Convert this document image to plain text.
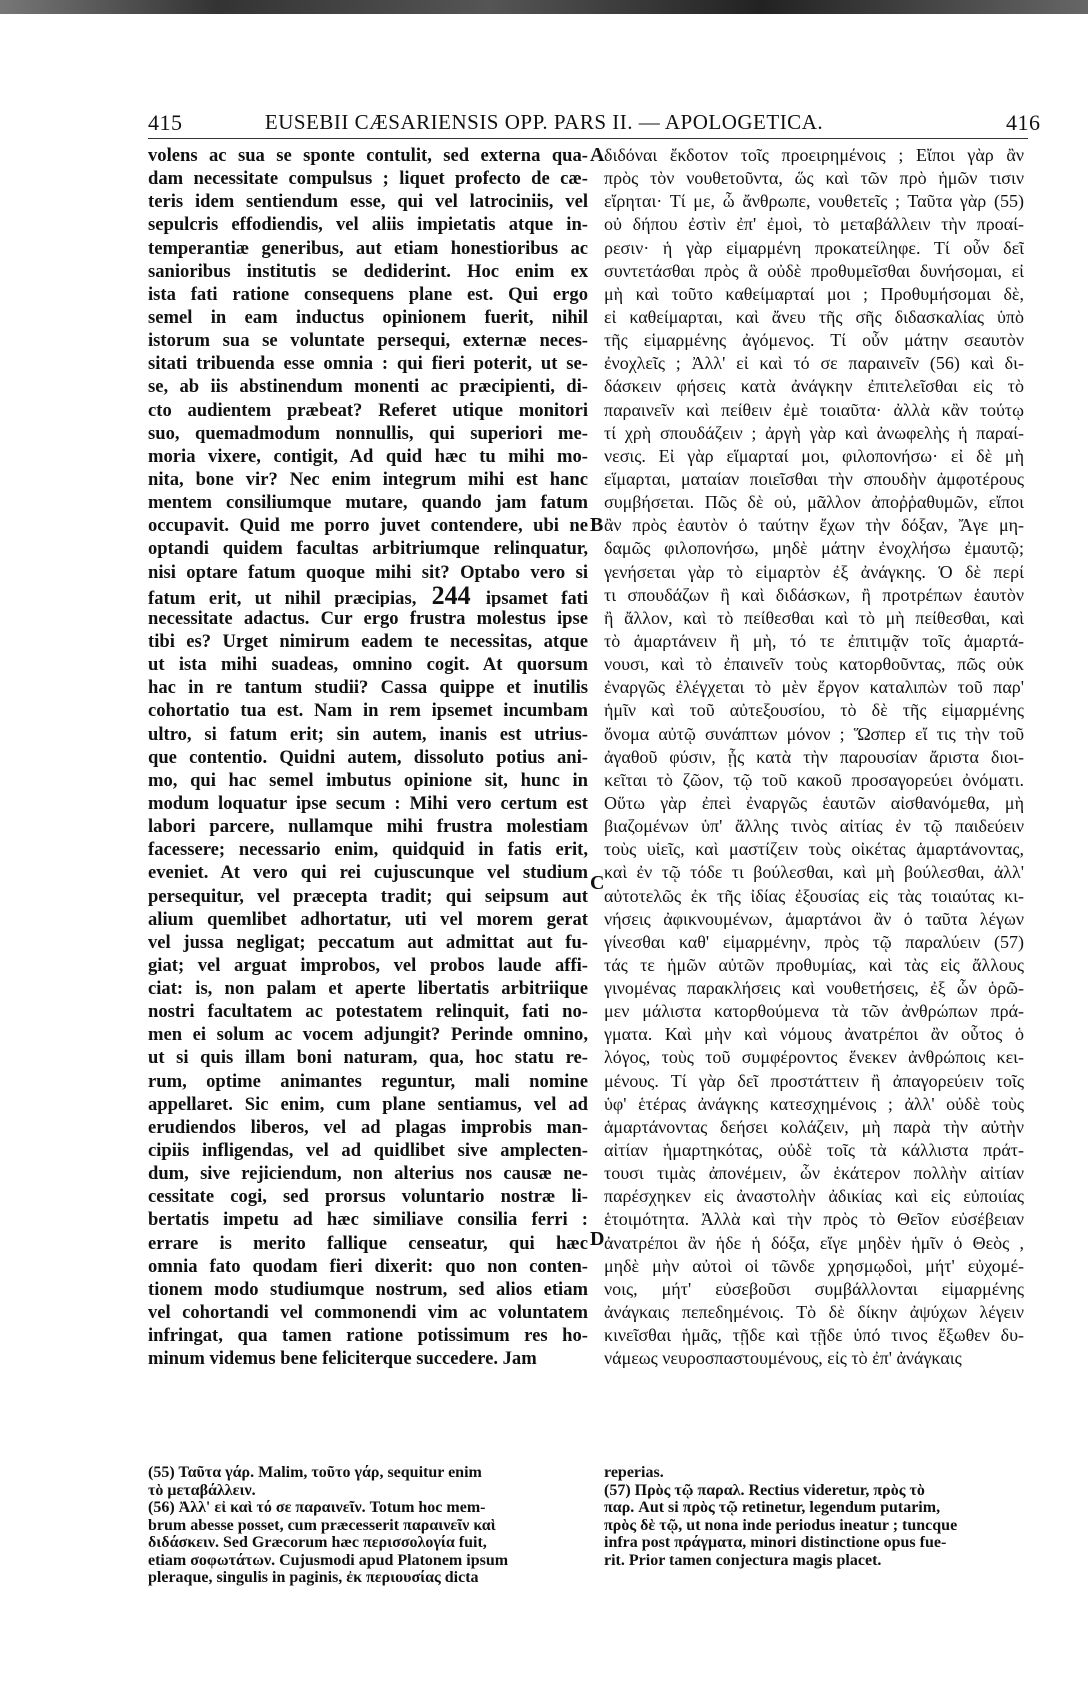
415	EUSEBII CÆSARIENSIS OPP. PARS II. — APOLOGETICA.	416
volens ac sua se sponte contulit, sed externa qua-
dam necessitate compulsus ; liquet profecto de cæ-
teris idem sentiendum esse, qui vel latrociniis, vel
sepulcris effodiendis, vel aliis impietatis atque in-
temperantiæ generibus, aut etiam honestioribus ac
sanioribus institutis se dediderint. Hoc enim ex
ista fati ratione consequens plane est. Qui ergo
semel in eam inductus opinionem fuerit, nihil
istorum sua se voluntate persequi, externæ neces-
sitati tribuenda esse omnia : qui fieri poterit, ut se-
se, ab iis abstinendum monenti ac præcipienti, di-
cto audientem præbeat? Referet utique monitori
suo, quemadmodum nonnullis, qui superiori me-
moria vixere, contigit, Ad quid hæc tu mihi mo-
nita, bone vir? Nec enim integrum mihi est hanc
mentem consiliumque mutare, quando jam fatum
occupavit. Quid me porro juvet contendere, ubi ne
optandi quidem facultas arbitriumque relinquatur,
nisi optare fatum quoque mihi sit? Optabo vero si
fatum erit, ut nihil præcipias, 244 ipsamet fati
necessitate adactus. Cur ergo frustra molestus ipse
tibi es? Urget nimirum eadem te necessitas, atque
ut ista mihi suadeas, omnino cogit. At quorsum
hac in re tantum studii? Cassa quippe et inutilis
cohortatio tua est. Nam in rem ipsemet incumbam
ultro, si fatum erit; sin autem, inanis est utrius-
que contentio. Quidni autem, dissoluto potius ani-
mo, qui hac semel imbutus opinione sit, hunc in
modum loquatur ipse secum : Mihi vero certum est
labori parcere, nullamque mihi frustra molestiam
facessere; necessario enim, quidquid in fatis erit,
eveniet. At vero qui rei cujuscunque vel studium
persequitur, vel præcepta tradit; qui seipsum aut
alium quemlibet adhortatur, uti vel morem gerat
vel jussa negligat; peccatum aut admittat aut fu-
giat; vel arguat improbos, vel probos laude affi-
ciat: is, non palam et aperte libertatis arbitriique
nostri facultatem ac potestatem relinquit, fati no-
men ei solum ac vocem adjungit? Perinde omnino,
ut si quis illam boni naturam, qua, hoc statu re-
rum, optime animantes reguntur, mali nomine
appellaret. Sic enim, cum plane sentiamus, vel ad
erudiendos liberos, vel ad plagas improbis man-
cipiis infligendas, vel ad quidlibet sive amplecten-
dum, sive rejiciendum, non alterius nos causæ ne-
cessitate cogi, sed prorsus voluntario nostræ li-
bertatis impetu ad hæc similiave consilia ferri :
errare is merito fallique censeatur, qui hæc
omnia fato quodam fieri dixerit: quo non conten-
tionem modo studiumque nostrum, sed alios etiam
vel cohortandi vel commonendi vim ac voluntatem
infringat, qua tamen ratione potissimum res ho-
minum videmus bene feliciterque succedere. Jam
διδόναι ἔκδοτον τοῖς προειρημένοις ; Εἴποι γὰρ ἂν
πρὸς τὸν νουθετοῦντα, ὥς καὶ τῶν πρὸ ἡμῶν τισιν
εἴρηται· Τί με, ὦ ἄνθρωπε, νουθετεῖς ; Ταῦτα γὰρ (55)
οὐ δήπου ἐστὶν ἐπ' ἐμοὶ, τὸ μεταβάλλειν τὴν προαί-
ρεσιν· ἡ γὰρ εἱμαρμένη προκατείληφε. Τί οὖν δεῖ
συντετάσθαι πρὸς ἃ οὐδὲ προθυμεῖσθαι δυνήσομαι, εἰ
μὴ καὶ τοῦτο καθείμαρταί μοι ; Προθυμήσομαι δὲ,
εἰ καθείμαρται, καὶ ἄνευ τῆς σῆς διδασκαλίας ὑπὸ
τῆς εἱμαρμένης ἀγόμενος. Τί οὖν μάτην σεαυτὸν
ἐνοχλεῖς ; Ἀλλ' εἰ καὶ τό σε παραινεῖν (56) καὶ δι-
δάσκειν φήσεις κατὰ ἀνάγκην ἐπιτελεῖσθαι εἰς τὸ
παραινεῖν καὶ πείθειν ἐμὲ τοιαῦτα· ἀλλὰ κἂν τούτῳ
τί χρὴ σπουδάζειν ; ἀργὴ γὰρ καὶ ἀνωφελὴς ἡ παραί-
νεσις. Εἰ γὰρ εἵμαρταί μοι, φιλοπονήσω· εἰ δὲ μὴ
εἵμαρται, ματαίαν ποιεῖσθαι τὴν σπουδὴν ἀμφοτέρους
συμβήσεται. Πῶς δὲ οὐ, μᾶλλον ἀποῤῥαθυμῶν, εἴποι
ἂν πρὸς ἑαυτὸν ὁ ταύτην ἔχων τὴν δόξαν, Ἄγε μη-
δαμῶς φιλοπονήσω, μηδὲ μάτην ἐνοχλήσω ἐμαυτῷ;
γενήσεται γὰρ τὸ εἱμαρτὸν ἐξ ἀνάγκης. Ὁ δὲ περί
τι σπουδάζων ἢ καὶ διδάσκων, ἢ προτρέπων ἑαυτὸν
ἢ ἄλλον, καὶ τὸ πείθεσθαι καὶ τὸ μὴ πείθεσθαι, καὶ
τὸ ἁμαρτάνειν ἢ μὴ, τό τε ἐπιτιμᾷν τοῖς ἁμαρτά-
νουσι, καὶ τὸ ἐπαινεῖν τοὺς κατορθοῦντας, πῶς οὐκ
ἐναργῶς ἐλέγχεται τὸ μὲν ἔργον καταλιπὼν τοῦ παρ'
ἡμῖν καὶ τοῦ αὐτεξουσίου, τὸ δὲ τῆς εἱμαρμένης
ὄνομα αὐτῷ συνάπτων μόνον ; Ὥσπερ εἴ τις τὴν τοῦ
ἀγαθοῦ φύσιν, ᾗς κατὰ τὴν παρουσίαν ἄριστα διοι-
κεῖται τὸ ζῶον, τῷ τοῦ κακοῦ προσαγορεύει ὀνόματι.
Οὕτω γὰρ ἐπεὶ ἐναργῶς ἑαυτῶν αἰσθανόμεθα, μὴ
βιαζομένων ὑπ' ἄλλης τινὸς αἰτίας ἐν τῷ παιδεύειν
τοὺς υἱεῖς, καὶ μαστίζειν τοὺς οἰκέτας ἁμαρτάνοντας,
καὶ ἐν τῷ τόδε τι βούλεσθαι, καὶ μὴ βούλεσθαι, ἀλλ'
αὐτοτελῶς ἐκ τῆς ἰδίας ἐξουσίας εἰς τὰς τοιαύτας κι-
νήσεις ἀφικνουμένων, ἁμαρτάνοι ἂν ὁ ταῦτα λέγων
γίνεσθαι καθ' εἱμαρμένην, πρὸς τῷ παραλύειν (57)
τάς τε ἡμῶν αὐτῶν προθυμίας, καὶ τὰς εἰς ἄλλους
γινομένας παρακλήσεις καὶ νουθετήσεις, ἐξ ὧν ὁρῶ-
μεν μάλιστα κατορθούμενα τὰ τῶν ἀνθρώπων πρά-
γματα. Καὶ μὴν καὶ νόμους ἀνατρέποι ἂν οὗτος ὁ
λόγος, τοὺς τοῦ συμφέροντος ἕνεκεν ἀνθρώποις κει-
μένους. Τί γὰρ δεῖ προστάττειν ἢ ἀπαγορεύειν τοῖς
ὑφ' ἑτέρας ἀνάγκης κατεσχημένοις ; ἀλλ' οὐδὲ τοὺς
ἁμαρτάνοντας δεήσει κολάζειν, μὴ παρὰ τὴν αὐτὴν
αἰτίαν ἡμαρτηκότας, οὐδὲ τοῖς τὰ κάλλιστα πράτ-
τουσι τιμὰς ἀπονέμειν, ὧν ἑκάτερον πολλὴν αἰτίαν
παρέσχηκεν εἰς ἀναστολὴν ἀδικίας καὶ εἰς εὐποιίας
ἑτοιμότητα. Ἀλλὰ καὶ τὴν πρὸς τὸ Θεῖον εὐσέβειαν
ἀνατρέποι ἂν ἡδε ἡ δόξα, εἴγε μηδὲν ἡμῖν ὁ Θεὸς ,
μηδὲ μὴν αὐτοὶ οἱ τῶνδε χρησμῳδοὶ, μήτ' εὐχομέ-
νοις, μήτ' εὐσεβοῦσι συμβάλλονται εἱμαρμένης
ἀνάγκαις πεπεδημένοις. Τὸ δὲ δίκην ἀψύχων λέγειν
κινεῖσθαι ἡμᾶς, τῇδε καὶ τῇδε ὑπό τινος ἔξωθεν δυ-
νάμεως νευροσπαστουμένους, εἰς τὸ ἐπ' ἀνάγκαις
A
B
C
D
(55) Ταῦτα γάρ. Malim, τοῦτο γάρ, sequitur enim
τὸ μεταβάλλειν.
(56) Ἀλλ' εἰ καὶ τό σε παραινεῖν. Totum hoc mem-
brum abesse posset, cum præcesserit παραινεῖν καὶ
διδάσκειν. Sed Græcorum hæc περισσολογία fuit,
etiam σοφωτάτων. Cujusmodi apud Platonem ipsum
pleraque, singulis in paginis, ἐκ περιουσίας dicta
reperias.
(57) Πρὸς τῷ παραλ. Rectius videretur, πρὸς τὸ
παρ. Aut si πρὸς τῷ retinetur, legendum putarim,
πρὸς δὲ τῷ, ut nona inde periodus ineatur ; tuncque
infra post πράγματα, minori distinctione opus fue-
rit. Prior tamen conjectura magis placet.
